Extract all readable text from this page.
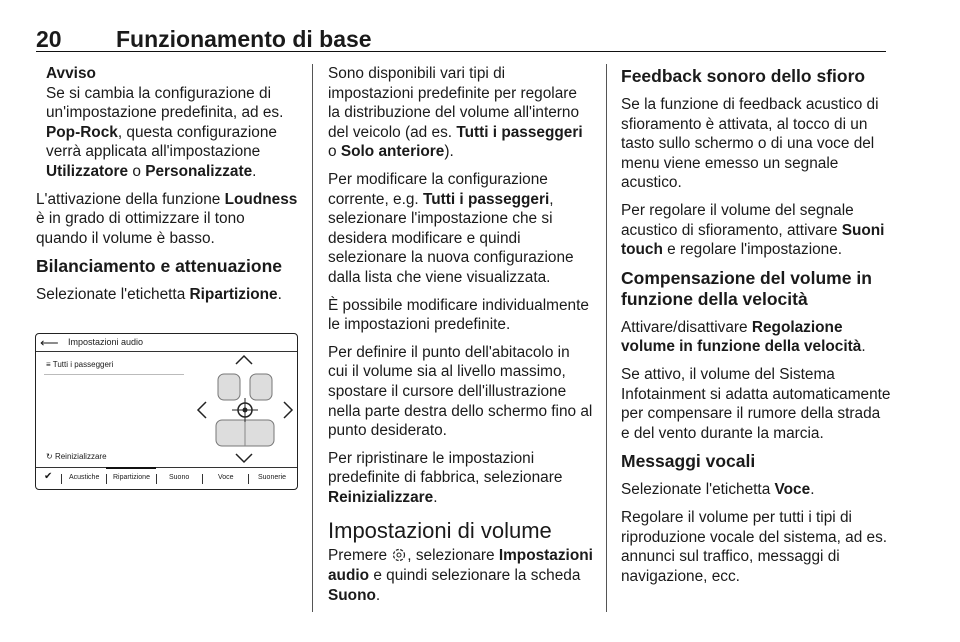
20 Funzionamento di base
Avviso
Se si cambia la configurazione di un'impostazione predefinita, ad es. Pop-Rock, questa configurazione verrà applicata all'impostazione Utilizzatore o Personalizzate.

L'attivazione della funzione Loudness è in grado di ottimizzare il tono quando il volume è basso.

Bilanciamento e attenuazione

Selezionate l'etichetta Ripartizione.

⟵ Impostazioni audio
≡ Tutti i passeggeri
↻ Reinizializzare
✔ Acustiche Ripartizione	Suono	Voce	Suonerie

Sono disponibili vari tipi di impostazioni predefinite per regolare la distribuzione del volume all'interno del veicolo (ad es. Tutti i passeggeri o Solo anteriore).

Per modificare la configurazione corrente, e.g. Tutti i passeggeri, selezionare l'impostazione che si desidera modificare e quindi selezionare la nuova configurazione dalla lista che viene visualizzata.

È possibile modificare individualmente le impostazioni predefinite.

Per definire il punto dell'abitacolo in cui il volume sia al livello massimo, spostare il cursore dell'illustrazione nella parte destra dello schermo fino al punto desiderato.

Per ripristinare le impostazioni predefinite di fabbrica, selezionare Reinizializzare.

Impostazioni di volume

Premere , selezionare Impostazioni audio e quindi selezionare la scheda Suono.

Feedback sonoro dello sfioro

Se la funzione di feedback acustico di sfioramento è attivata, al tocco di un tasto sullo schermo o di una voce del menu viene emesso un segnale acustico.

Per regolare il volume del segnale acustico di sfioramento, attivare Suoni touch e regolare l'impostazione.

Compensazione del volume in funzione della velocità

Attivare/disattivare Regolazione volume in funzione della velocità.

Se attivo, il volume del Sistema Infotainment si adatta automaticamente per compensare il rumore della strada e del vento durante la marcia.

Messaggi vocali

Selezionate l'etichetta Voce.

Regolare il volume per tutti i tipi di riproduzione vocale del sistema, ad es. annunci sul traffico, messaggi di navigazione, ecc.
